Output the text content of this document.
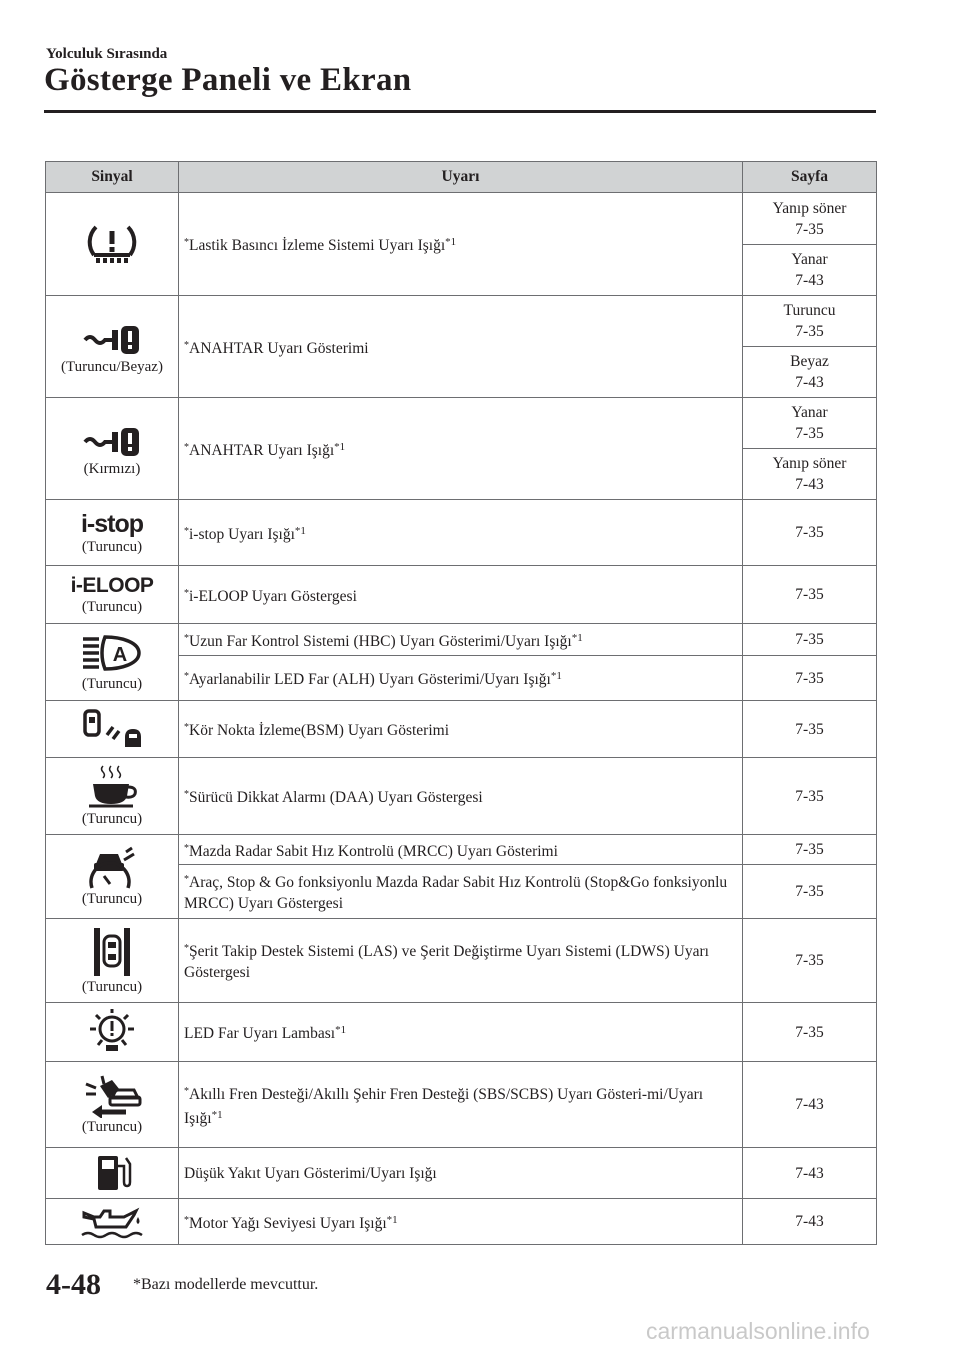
Yolculuk Sırasında
Gösterge Paneli ve Ekran
Sinyal	Uyarı	Sayfa

	*Lastik Basıncı İzleme Sistemi Uyarı Işığı$^{*1}$	Yanıp söner
7-35
		Yanar
7-43

(Turuncu/Beyaz)	*ANAHTAR Uyarı Gösterimi	Turuncu
7-35
		Beyaz
7-43

(Kırmızı)	*ANAHTAR Uyarı Işığı$^{*1}$	Yanar
7-35
		Yanıp söner
7-43

i-stop
(Turuncu)	*i-stop Uyarı Işığı$^{*1}$	7-35

i-ELOOP
(Turuncu)	*i-ELOOP Uyarı Göstergesi	7-35

A
(Turuncu)	*Uzun Far Kontrol Sistemi (HBC) Uyarı Gösterimi/Uyarı Işığı$^{*1}$	7-35
	*Ayarlanabilir LED Far (ALH) Uyarı Gösterimi/Uyarı Işığı$^{*1}$	7-35

	*Kör Nokta İzleme(BSM) Uyarı Gösterimi	7-35

(Turuncu)	*Sürücü Dikkat Alarmı (DAA) Uyarı Göstergesi	7-35

(Turuncu)	*Mazda Radar Sabit Hız Kontrolü (MRCC) Uyarı Gösterimi	7-35
	*Araç, Stop & Go fonksiyonlu Mazda Radar Sabit Hız Kontrolü (Stop&Go fonksiyonlu MRCC) Uyarı Göstergesi	7-35

(Turuncu)	*Şerit Takip Destek Sistemi (LAS) ve Şerit Değiştirme Uyarı Sistemi (LDWS) Uyarı Göstergesi	7-35

	LED Far Uyarı Lambası$^{*1}$	7-35

(Turuncu)	*Akıllı Fren Desteği/Akıllı Şehir Fren Desteği (SBS/SCBS) Uyarı Gösteri-mi/Uyarı Işığı$^{*1}$	7-43

	Düşük Yakıt Uyarı Gösterimi/Uyarı Işığı	7-43

	*Motor Yağı Seviyesi Uyarı Işığı$^{*1}$	7-43
4-48 *Bazı modellerde mevcuttur.
carmanualsonline.info
